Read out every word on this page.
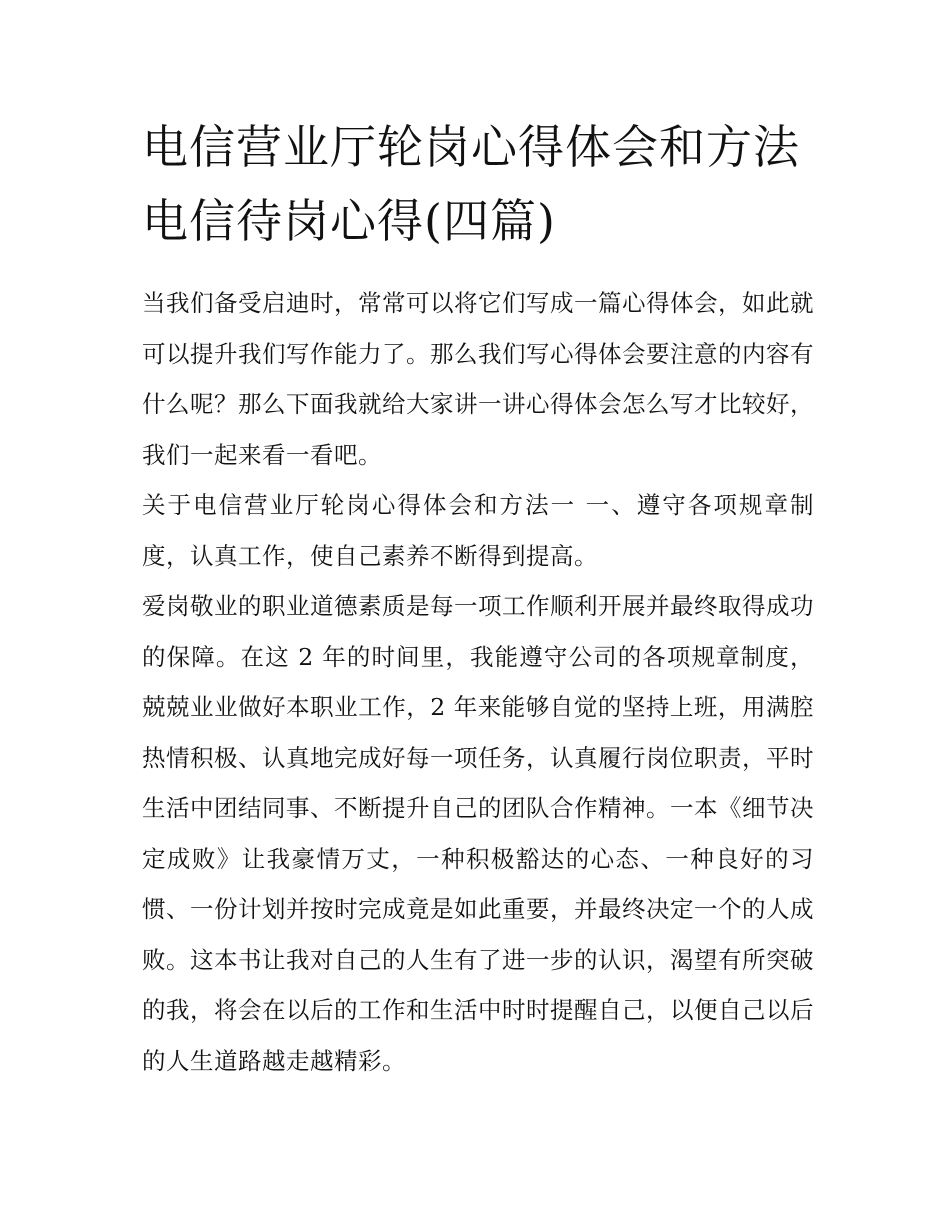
电信营业厅轮岗心得体会和方法 电信待岗心得(四篇)

当我们备受启迪时，常常可以将它们写成一篇心得体会，如此就可以提升我们写作能力了。那么我们写心得体会要注意的内容有什么呢？那么下面我就给大家讲一讲心得体会怎么写才比较好，我们一起来看一看吧。

关于电信营业厅轮岗心得体会和方法一 一、遵守各项规章制度，认真工作，使自己素养不断得到提高。

爱岗敬业的职业道德素质是每一项工作顺利开展并最终取得成功的保障。在这 2 年的时间里，我能遵守公司的各项规章制度，兢兢业业做好本职业工作，2 年来能够自觉的坚持上班，用满腔热情积极、认真地完成好每一项任务，认真履行岗位职责，平时生活中团结同事、不断提升自己的团队合作精神。一本《细节决定成败》让我豪情万丈，一种积极豁达的心态、一种良好的习惯、一份计划并按时完成竟是如此重要，并最终决定一个的人成败。这本书让我对自己的人生有了进一步的认识，渴望有所突破的我，将会在以后的工作和生活中时时提醒自己，以便自己以后的人生道路越走越精彩。
